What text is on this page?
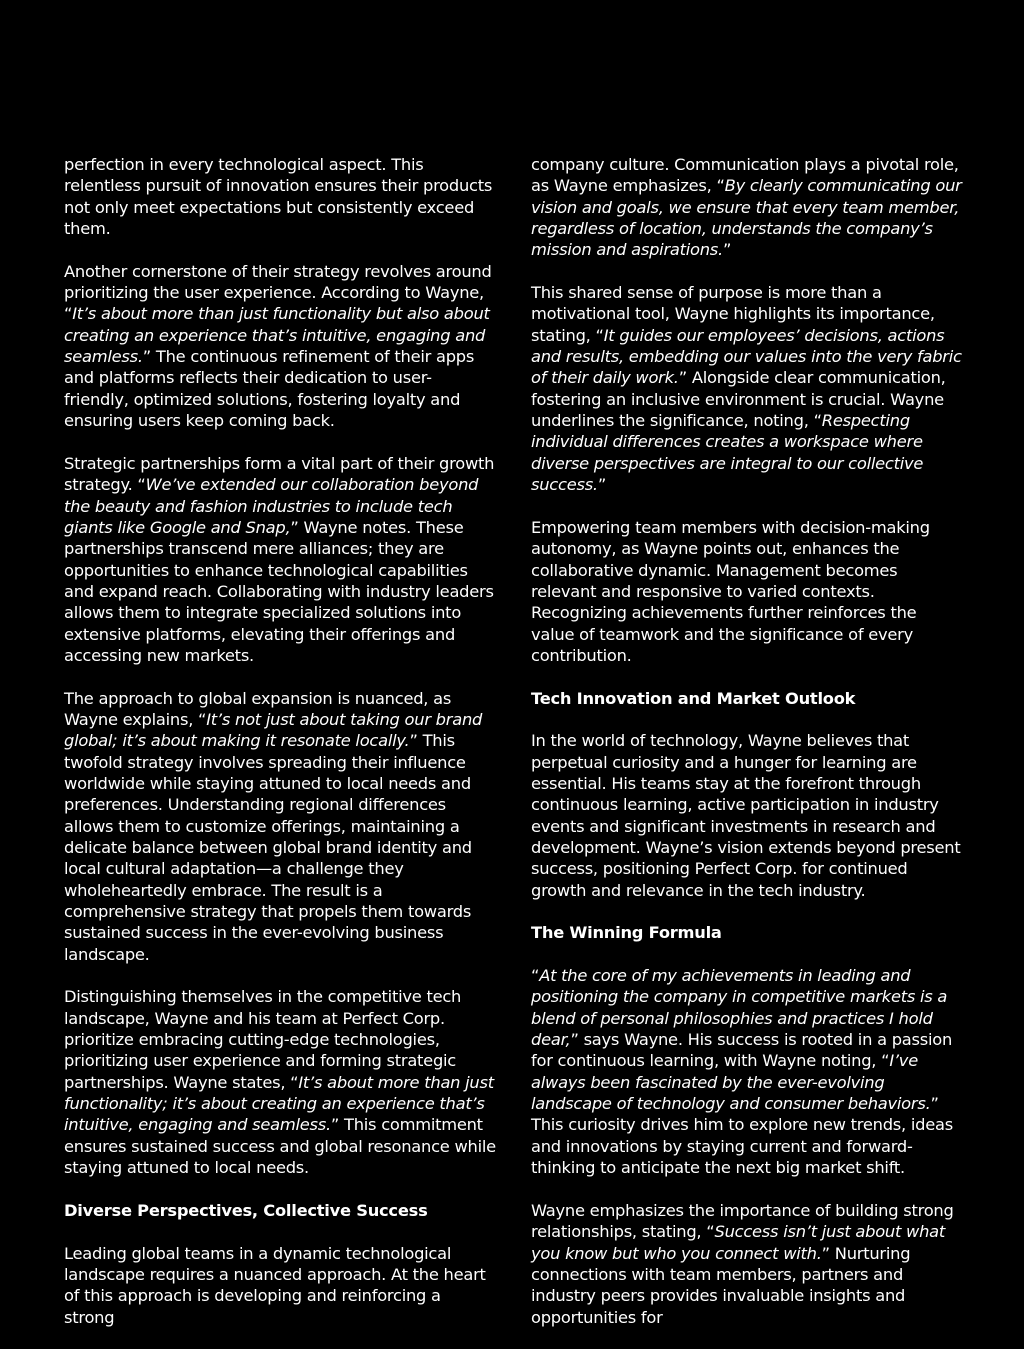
perfection in every technological aspect. This relentless pursuit of innovation ensures their products not only meet expectations but consistently exceed them.

Another cornerstone of their strategy revolves around prioritizing the user experience. According to Wayne, “It’s about more than just functionality but also about creating an experience that’s intuitive, engaging and seamless.” The continuous refinement of their apps and platforms reflects their dedication to user-friendly, optimized solutions, fostering loyalty and ensuring users keep coming back.

Strategic partnerships form a vital part of their growth strategy. “We’ve extended our collaboration beyond the beauty and fashion industries to include tech giants like Google and Snap,” Wayne notes. These partnerships transcend mere alliances; they are opportunities to enhance technological capabilities and expand reach. Collaborating with industry leaders allows them to integrate specialized solutions into extensive platforms, elevating their offerings and accessing new markets.

The approach to global expansion is nuanced, as Wayne explains, “It’s not just about taking our brand global; it’s about making it resonate locally.” This twofold strategy involves spreading their influence worldwide while staying attuned to local needs and preferences. Understanding regional differences allows them to customize offerings, maintaining a delicate balance between global brand identity and local cultural adaptation—a challenge they wholeheartedly embrace. The result is a comprehensive strategy that propels them towards sustained success in the ever-evolving business landscape.

Distinguishing themselves in the competitive tech landscape, Wayne and his team at Perfect Corp. prioritize embracing cutting-edge technologies, prioritizing user experience and forming strategic partnerships. Wayne states, “It’s about more than just functionality; it’s about creating an experience that’s intuitive, engaging and seamless.” This commitment ensures sustained success and global resonance while staying attuned to local needs.

Diverse Perspectives, Collective Success

Leading global teams in a dynamic technological landscape requires a nuanced approach. At the heart of this approach is developing and reinforcing a strong

company culture. Communication plays a pivotal role, as Wayne emphasizes, “By clearly communicating our vision and goals, we ensure that every team member, regardless of location, understands the company’s mission and aspirations.”

This shared sense of purpose is more than a motivational tool, Wayne highlights its importance, stating, “It guides our employees’ decisions, actions and results, embedding our values into the very fabric of their daily work.” Alongside clear communication, fostering an inclusive environment is crucial. Wayne underlines the significance, noting, “Respecting individual differences creates a workspace where diverse perspectives are integral to our collective success.”

Empowering team members with decision-making autonomy, as Wayne points out, enhances the collaborative dynamic. Management becomes relevant and responsive to varied contexts. Recognizing achievements further reinforces the value of teamwork and the significance of every contribution.

Tech Innovation and Market Outlook

In the world of technology, Wayne believes that perpetual curiosity and a hunger for learning are essential. His teams stay at the forefront through continuous learning, active participation in industry events and significant investments in research and development. Wayne’s vision extends beyond present success, positioning Perfect Corp. for continued growth and relevance in the tech industry.

The Winning Formula

“At the core of my achievements in leading and positioning the company in competitive markets is a blend of personal philosophies and practices I hold dear,” says Wayne. His success is rooted in a passion for continuous learning, with Wayne noting, “I’ve always been fascinated by the ever-evolving landscape of technology and consumer behaviors.” This curiosity drives him to explore new trends, ideas and innovations by staying current and forward-thinking to anticipate the next big market shift.

Wayne emphasizes the importance of building strong relationships, stating, “Success isn’t just about what you know but who you connect with.” Nurturing connections with team members, partners and industry peers provides invaluable insights and opportunities for
